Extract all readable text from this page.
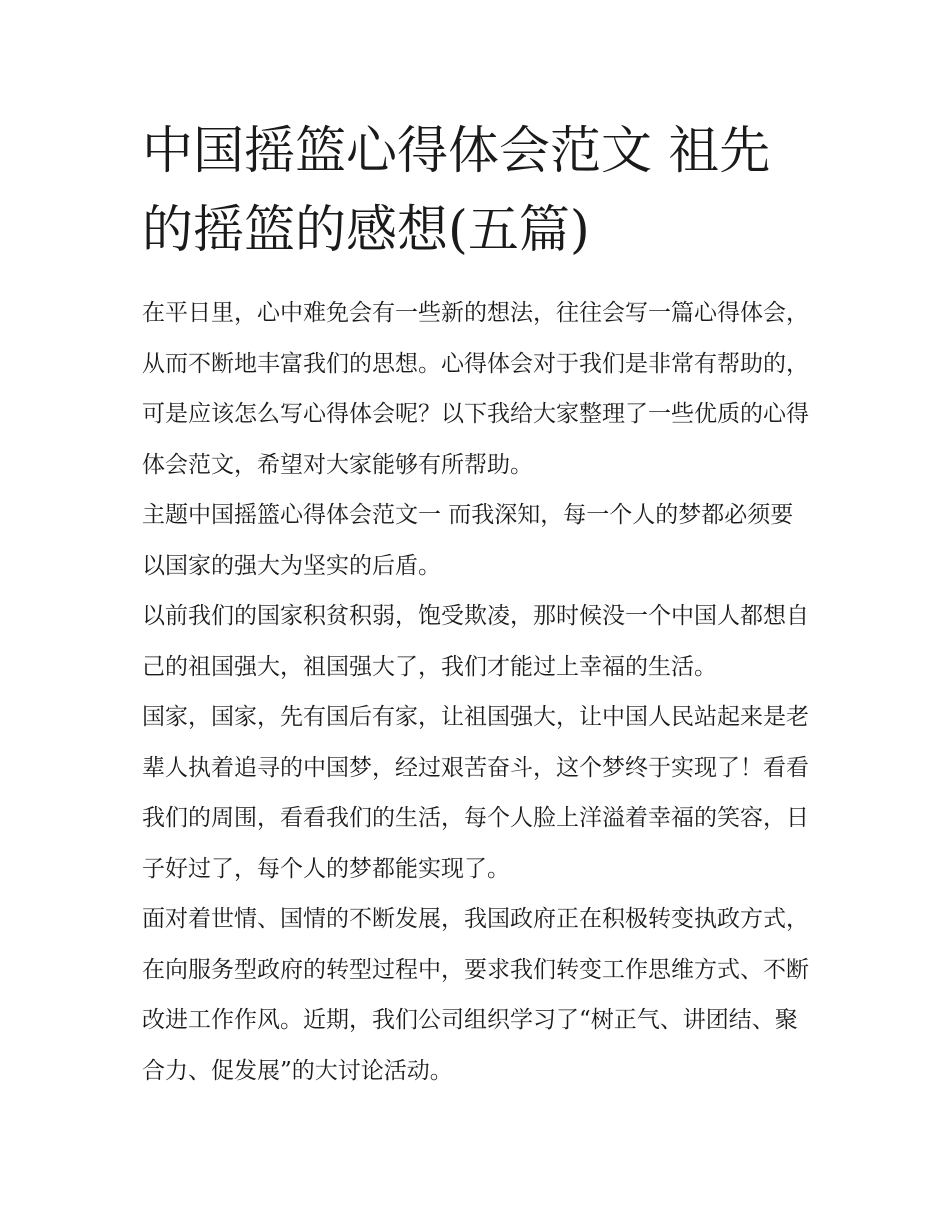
中国摇篮心得体会范文 祖先的摇篮的感想(五篇)

在平日里，心中难免会有一些新的想法，往往会写一篇心得体会，从而不断地丰富我们的思想。心得体会对于我们是非常有帮助的，可是应该怎么写心得体会呢？以下我给大家整理了一些优质的心得体会范文，希望对大家能够有所帮助。

主题中国摇篮心得体会范文一 而我深知，每一个人的梦都必须要以国家的强大为坚实的后盾。

以前我们的国家积贫积弱，饱受欺凌，那时候没一个中国人都想自己的祖国强大，祖国强大了，我们才能过上幸福的生活。

国家，国家，先有国后有家，让祖国强大，让中国人民站起来是老辈人执着追寻的中国梦，经过艰苦奋斗，这个梦终于实现了！看看我们的周围，看看我们的生活，每个人脸上洋溢着幸福的笑容，日子好过了，每个人的梦都能实现了。

面对着世情、国情的不断发展，我国政府正在积极转变执政方式，在向服务型政府的转型过程中，要求我们转变工作思维方式、不断改进工作作风。近期，我们公司组织学习了“树正气、讲团结、聚合力、促发展”的大讨论活动。
